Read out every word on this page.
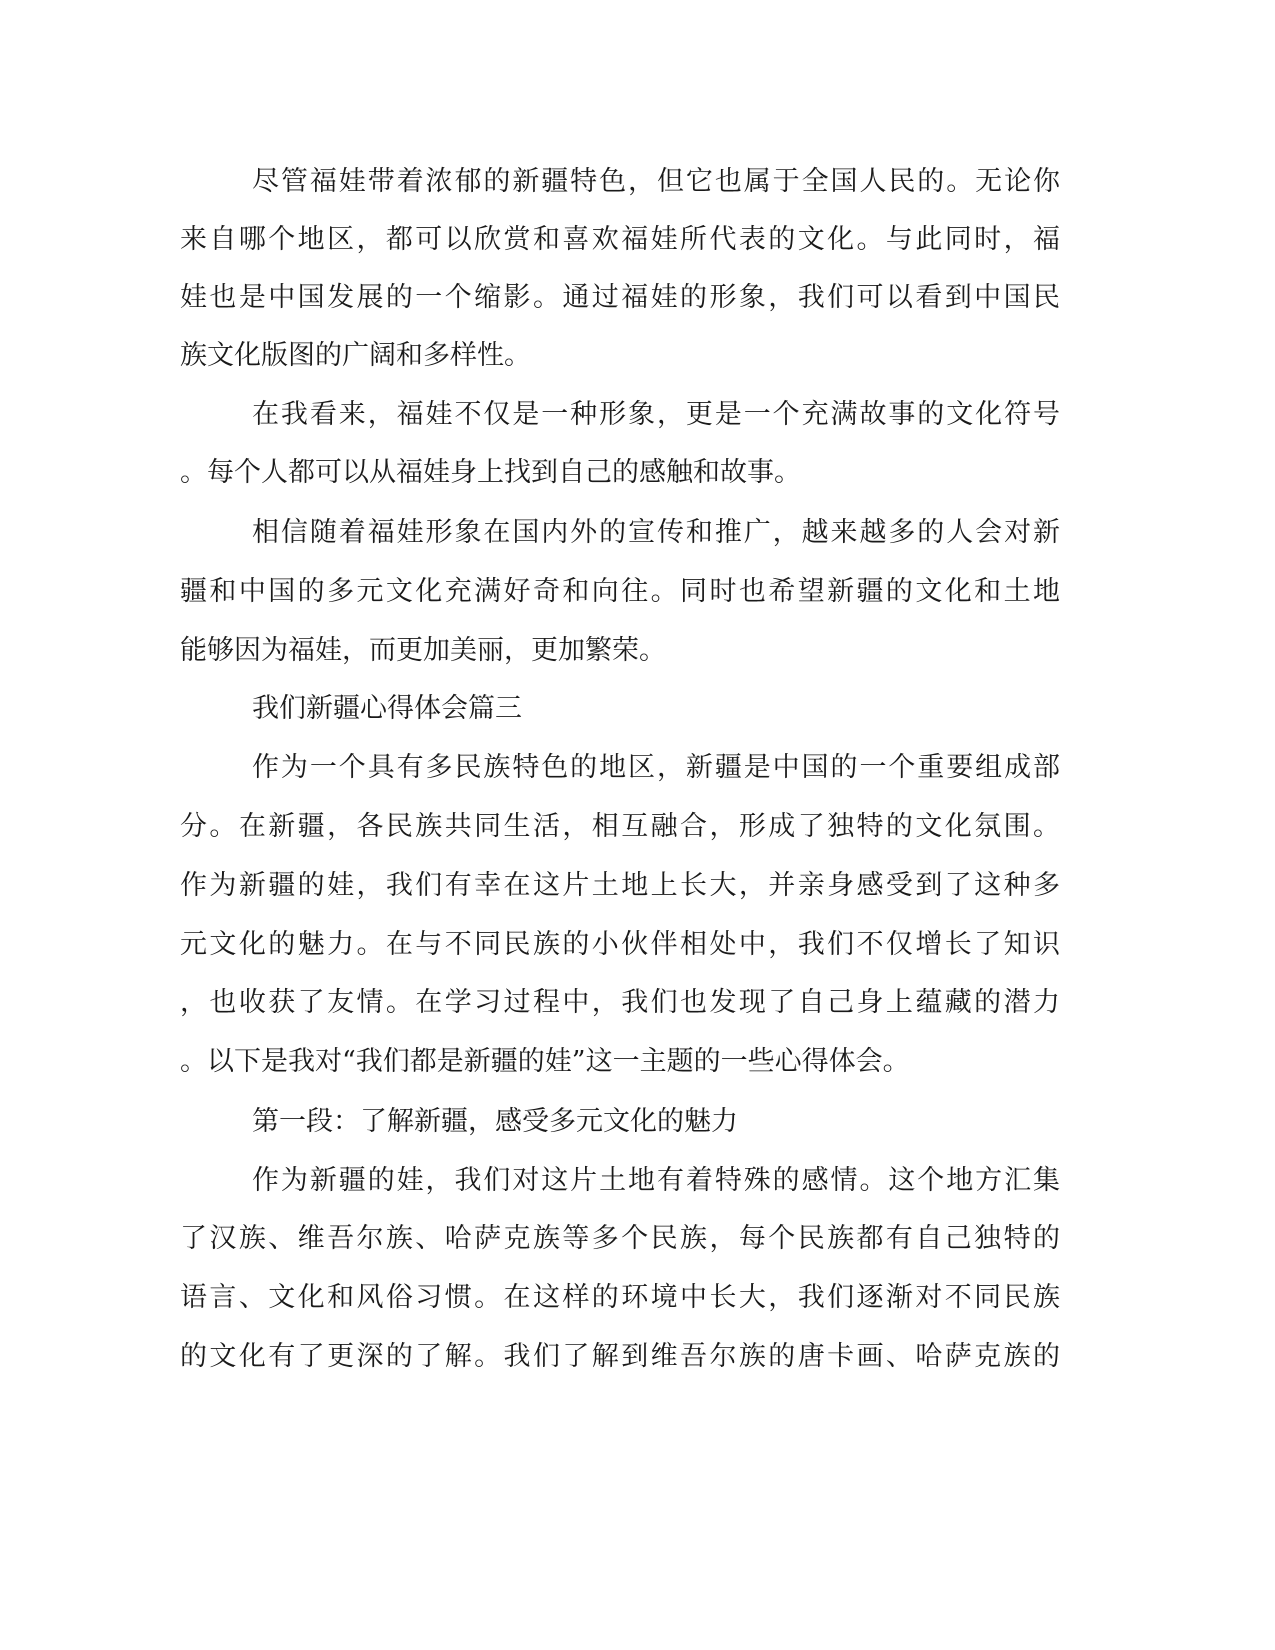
尽管福娃带着浓郁的新疆特色，但它也属于全国人民的。无论你
来自哪个地区，都可以欣赏和喜欢福娃所代表的文化。与此同时，福
娃也是中国发展的一个缩影。通过福娃的形象，我们可以看到中国民
族文化版图的广阔和多样性。
在我看来，福娃不仅是一种形象，更是一个充满故事的文化符号
。每个人都可以从福娃身上找到自己的感触和故事。
相信随着福娃形象在国内外的宣传和推广，越来越多的人会对新
疆和中国的多元文化充满好奇和向往。同时也希望新疆的文化和土地
能够因为福娃，而更加美丽，更加繁荣。
我们新疆心得体会篇三
作为一个具有多民族特色的地区，新疆是中国的一个重要组成部
分。在新疆，各民族共同生活，相互融合，形成了独特的文化氛围。
作为新疆的娃，我们有幸在这片土地上长大，并亲身感受到了这种多
元文化的魅力。在与不同民族的小伙伴相处中，我们不仅增长了知识
，也收获了友情。在学习过程中，我们也发现了自己身上蕴藏的潜力
。以下是我对“我们都是新疆的娃”这一主题的一些心得体会。
第一段：了解新疆，感受多元文化的魅力
作为新疆的娃，我们对这片土地有着特殊的感情。这个地方汇集
了汉族、维吾尔族、哈萨克族等多个民族，每个民族都有自己独特的
语言、文化和风俗习惯。在这样的环境中长大，我们逐渐对不同民族
的文化有了更深的了解。我们了解到维吾尔族的唐卡画、哈萨克族的
